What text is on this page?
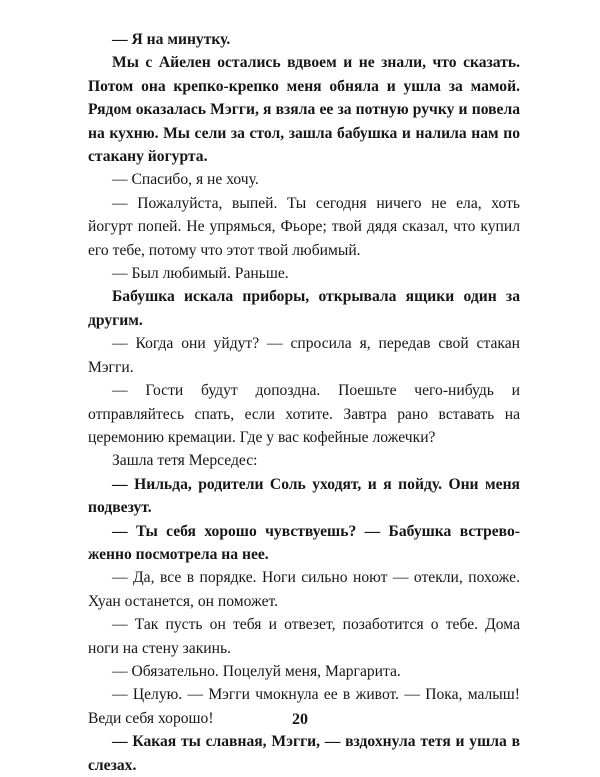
— Я на минутку.

Мы с Айелен остались вдвоем и не знали, что сказать. Потом она крепко-крепко меня обняла и ушла за мамой. Рядом оказалась Мэгги, я взяла ее за потную ручку и повела на кухню. Мы сели за стол, зашла бабушка и налила нам по стакану йогурта.

— Спасибо, я не хочу.

— Пожалуйста, выпей. Ты сегодня ничего не ела, хоть йогурт попей. Не упрямься, Фьоре; твой дядя сказал, что купил его тебе, потому что этот твой любимый.

— Был любимый. Раньше.

Бабушка искала приборы, открывала ящики один за другим.

— Когда они уйдут? — спросила я, передав свой стакан Мэгги.

— Гости будут допоздна. Поешьте чего-нибудь и отправляйтесь спать, если хотите. Завтра рано вставать на церемонию кремации. Где у вас кофейные ложечки?

Зашла тетя Мерседес:

— Нильда, родители Соль уходят, и я пойду. Они меня подвезут.

— Ты себя хорошо чувствуешь? — Бабушка встревоженно посмотрела на нее.

— Да, все в порядке. Ноги сильно ноют — отекли, похоже. Хуан останется, он поможет.

— Так пусть он тебя и отвезет, позаботится о тебе. Дома ноги на стену закинь.

— Обязательно. Поцелуй меня, Маргарита.

— Целую. — Мэгги чмокнула ее в живот. — Пока, малыш! Веди себя хорошо!

— Какая ты славная, Мэгги, — вздохнула тетя и ушла в слезах.

20
